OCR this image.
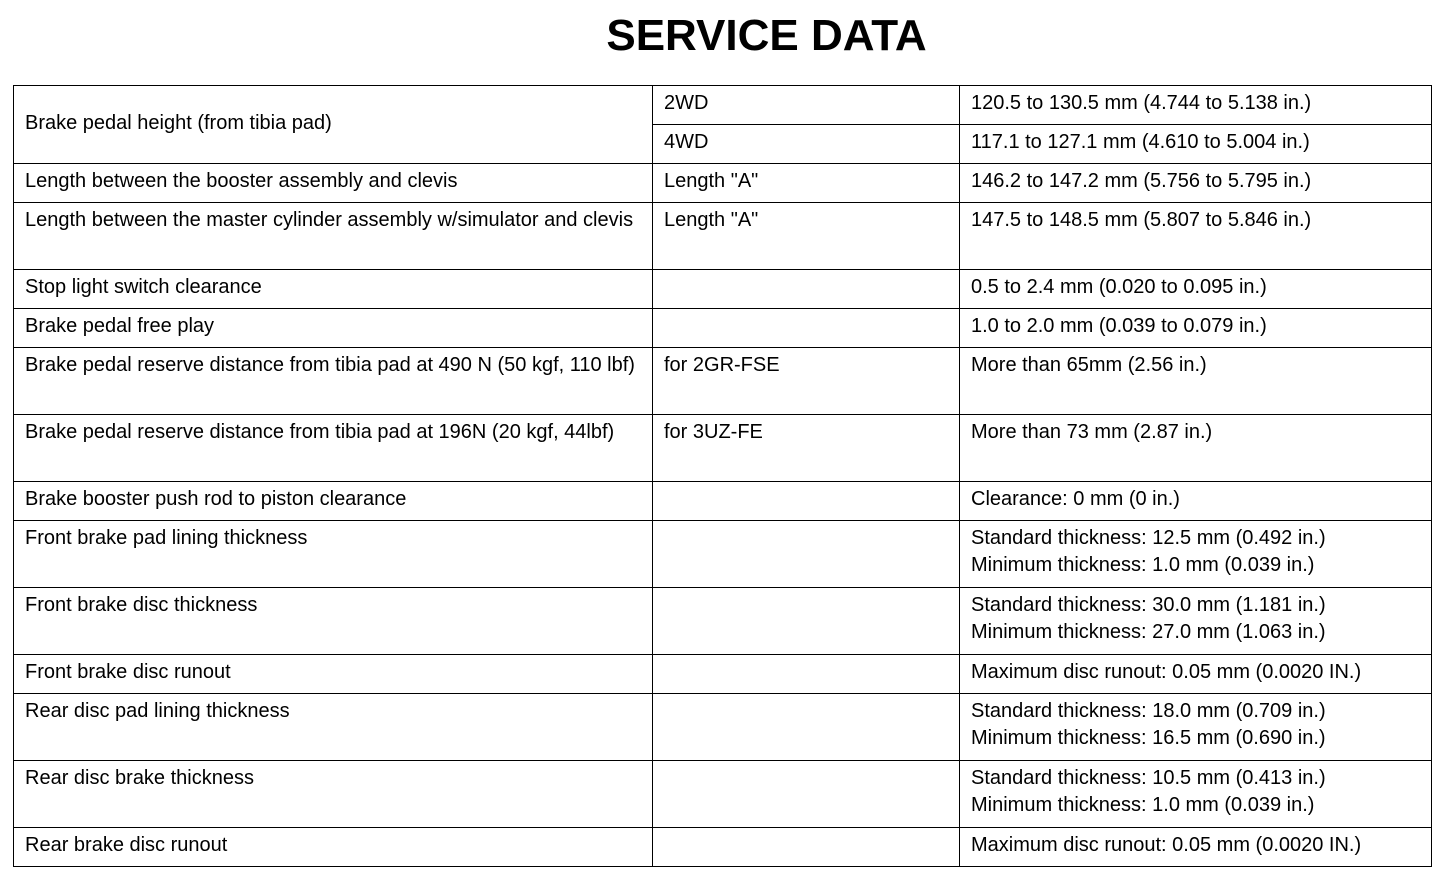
SERVICE DATA
Brake pedal height (from tibia pad)	2WD	120.5 to 130.5 mm (4.744 to 5.138 in.)

	4WD	117.1 to 127.1 mm (4.610 to 5.004 in.)

Length between the booster assembly and clevis	Length "A"	146.2 to 147.2 mm (5.756 to 5.795 in.)

Length between the master cylinder assembly w/simulator and clevis	Length "A"	147.5 to 148.5 mm (5.807 to 5.846 in.)

Stop light switch clearance		0.5 to 2.4 mm (0.020 to 0.095 in.)

Brake pedal free play		1.0 to 2.0 mm (0.039 to 0.079 in.)

Brake pedal reserve distance from tibia pad at 490 N (50 kgf, 110 lbf)	for 2GR-FSE	More than 65mm (2.56 in.)

Brake pedal reserve distance from tibia pad at 196N (20 kgf, 44lbf)	for 3UZ-FE	More than 73 mm (2.87 in.)

Brake booster push rod to piston clearance		Clearance: 0 mm (0 in.)

Front brake pad lining thickness		Standard thickness: 12.5 mm (0.492 in.)
Minimum thickness: 1.0 mm (0.039 in.)

Front brake disc thickness		Standard thickness: 30.0 mm (1.181 in.)
Minimum thickness: 27.0 mm (1.063 in.)

Front brake disc runout		Maximum disc runout: 0.05 mm (0.0020 IN.)

Rear disc pad lining thickness		Standard thickness: 18.0 mm (0.709 in.)
Minimum thickness: 16.5 mm (0.690 in.)

Rear disc brake thickness		Standard thickness: 10.5 mm (0.413 in.)
Minimum thickness: 1.0 mm (0.039 in.)

Rear brake disc runout		Maximum disc runout: 0.05 mm (0.0020 IN.)
